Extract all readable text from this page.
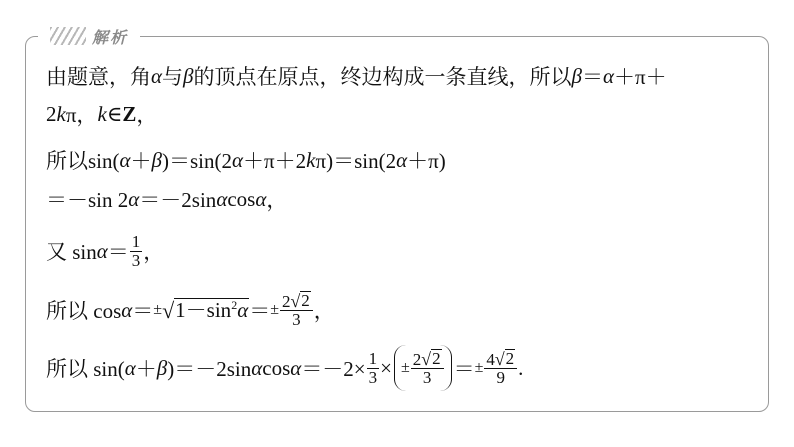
解析
由题意，角 α 与 β 的顶点在原点，终边构成一条直线，所以 β ＝ α ＋π＋
2 k π， k ∈ Z ，
所以sin( α ＋ β )＝sin(2 α ＋π＋2 k π)＝sin(2 α ＋π)
＝－sin 2 α ＝－2sin α cos α ，
又 $\sin \alpha = \frac{1}{3}$ ，
所以 cos α ＝ ± √ $1-\sin^2\alpha$ ＝ ± $\frac{2 √ 2}{3}$ ，
所以 sin( α ＋ β )＝－2sin α $\cos \alpha =-2\times \frac{1}{3}$ × ± $\frac{2 √ 2}{3}$ ＝ ± $\frac{4 √ 2}{9}$ .
